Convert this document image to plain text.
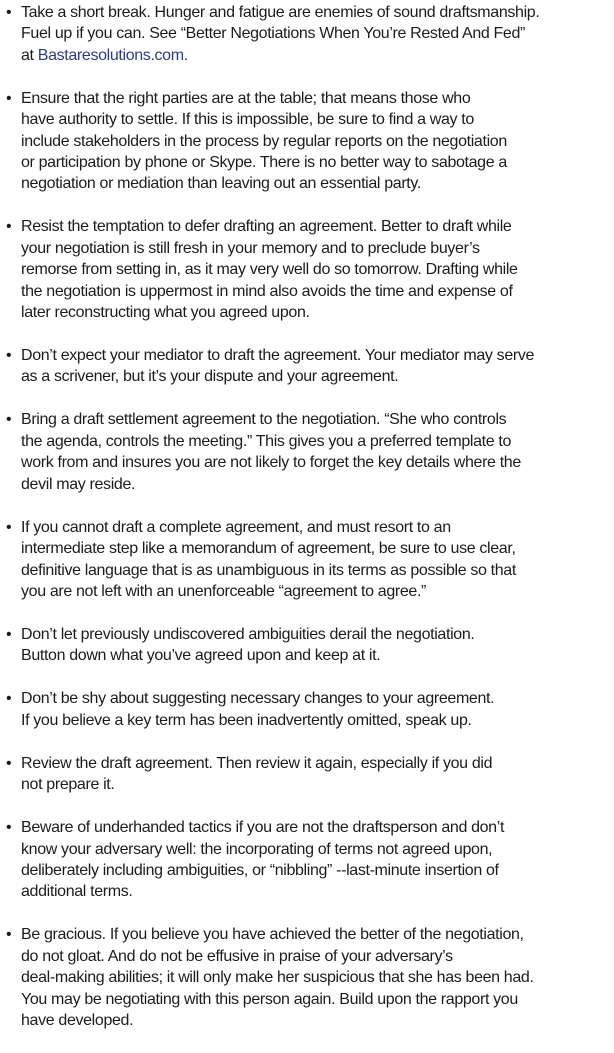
• Take a short break. Hunger and fatigue are enemies of sound draftsmanship.
Fuel up if you can. See “Better Negotiations When You’re Rested And Fed”
at Bastaresolutions.com.
• Ensure that the right parties are at the table; that means those who
have authority to settle. If this is impossible, be sure to find a way to
include stakeholders in the process by regular reports on the negotiation
or participation by phone or Skype. There is no better way to sabotage a
negotiation or mediation than leaving out an essential party.
• Resist the temptation to defer drafting an agreement. Better to draft while
your negotiation is still fresh in your memory and to preclude buyer’s
remorse from setting in, as it may very well do so tomorrow. Drafting while
the negotiation is uppermost in mind also avoids the time and expense of
later reconstructing what you agreed upon.
• Don’t expect your mediator to draft the agreement. Your mediator may serve
as a scrivener, but it’s your dispute and your agreement.
• Bring a draft settlement agreement to the negotiation. “She who controls
the agenda, controls the meeting.” This gives you a preferred template to
work from and insures you are not likely to forget the key details where the
devil may reside.
• If you cannot draft a complete agreement, and must resort to an
intermediate step like a memorandum of agreement, be sure to use clear,
definitive language that is as unambiguous in its terms as possible so that
you are not left with an unenforceable “agreement to agree.”
• Don’t let previously undiscovered ambiguities derail the negotiation.
Button down what you’ve agreed upon and keep at it.
• Don’t be shy about suggesting necessary changes to your agreement.
If you believe a key term has been inadvertently omitted, speak up.
• Review the draft agreement. Then review it again, especially if you did
not prepare it.
• Beware of underhanded tactics if you are not the draftsperson and don’t
know your adversary well: the incorporating of terms not agreed upon,
deliberately including ambiguities, or “nibbling” --last-minute insertion of
additional terms.
• Be gracious. If you believe you have achieved the better of the negotiation,
do not gloat. And do not be effusive in praise of your adversary’s
deal-making abilities; it will only make her suspicious that she has been had.
You may be negotiating with this person again. Build upon the rapport you
have developed.
